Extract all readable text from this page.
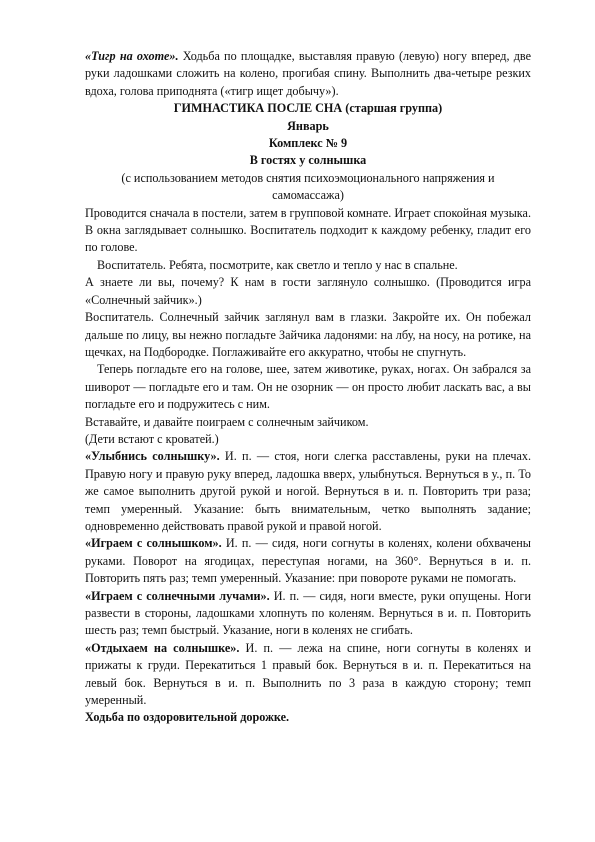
«Тигр на охоте». Ходьба по площадке, выставляя правую (левую) ногу вперед, две руки ладошками сложить на колено, прогибая спину. Выполнить два-четыре резких вдоха, голова приподнята («тигр ищет добычу»).

ГИМНАСТИКА ПОСЛЕ СНА (старшая группа)

Январь

Комплекс № 9

В гостях у солнышка

(с использованием методов снятия психоэмоционального напряжения и самомассажа)

Проводится сначала в постели, затем в групповой комнате. Играет спокойная музыка. В окна заглядывает солнышко. Воспитатель подходит к каждому ребенку, гладит его по голове.

Воспитатель. Ребята, посмотрите, как светло и тепло у нас в спальне.

А знаете ли вы, почему? К нам в гости заглянуло солнышко. (Проводится игра «Солнечный зайчик».)

Воспитатель. Солнечный зайчик заглянул вам в глазки. Закройте их. Он побежал дальше по лицу, вы нежно погладьте Зайчика ладонями: на лбу, на носу, на ротике, на щечках, на Подбородке. Поглаживайте его аккуратно, чтобы не спугнуть.

Теперь погладьте его на голове, шее, затем животике, руках, ногах. Он забрался за шиворот — погладьте его и там. Он не озорник — он просто любит ласкать вас, а вы погладьте его и подружитесь с ним.

Вставайте, и давайте поиграем с солнечным зайчиком.

(Дети встают с кроватей.)

«Улыбнись солнышку». И. п. — стоя, ноги слегка расставлены, руки на плечах. Правую ногу и правую руку вперед, ладошка вверх, улыбнуться. Вернуться в у., п. То же самое выполнить другой рукой и ногой. Вернуться в и. п. Повторить три раза; темп умеренный. Указание: быть внимательным, четко выполнять задание; одновременно действовать правой рукой и правой ногой.

«Играем с солнышком». И. п. — сидя, ноги согнуты в коленях, колени обхвачены руками. Поворот на ягодицах, переступая ногами, на 360°. Вернуться в и. п. Повторить пять раз; темп умеренный. Указание: при повороте руками не помогать.

«Играем с солнечными лучами». И. п. — сидя, ноги вместе, руки опущены. Ноги развести в стороны, ладошками хлопнуть по коленям. Вернуться в и. п. Повторить шесть раз; темп быстрый. Указание, ноги в коленях не сгибать.

«Отдыхаем на солнышке». И. п. — лежа на спине, ноги согнуты в коленях и прижаты к груди. Перекатиться 1 правый бок. Вернуться в и. п. Перекатиться на левый бок. Вернуться в и. п. Выполнить по 3 раза в каждую сторону; темп умеренный.

Ходьба по оздоровительной дорожке.
